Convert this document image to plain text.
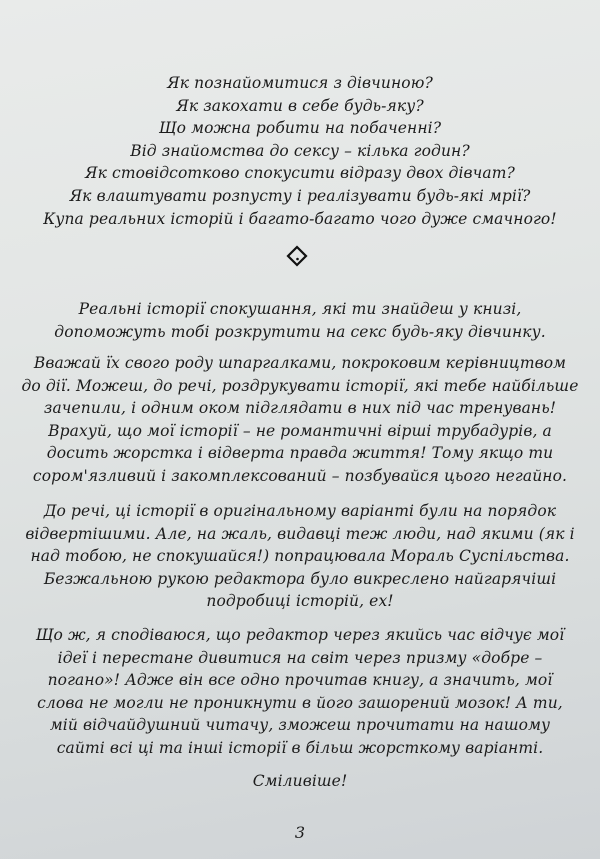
Як познайомитися з дівчиною?
Як закохати в себе будь-яку?
Що можна робити на побаченні?
Від знайомства до сексу – кілька годин?
Як стовідсотково спокусити відразу двох дівчат?
Як влаштувати розпусту і реалізувати будь-які мрії?
Купа реальних історій і багато-багато чого дуже смачного!
Реальні історії спокушання, які ти знайдеш у книзі,
допоможуть тобі розкрутити на секс будь-яку дівчинку.
Вважай їх свого роду шпаргалками, покроковим керівництвом
до дії. Можеш, до речі, роздрукувати історії, які тебе найбільше
зачепили, і одним оком підглядати в них під час тренувань!
Врахуй, що мої історії – не романтичні вірші трубадурів, а
досить жорстка і відверта правда життя! Тому якщо ти
сором'язливий і закомплексований – позбувайся цього негайно.
До речі, ці історії в оригінальному варіанті були на порядок
відвертішими. Але, на жаль, видавці теж люди, над якими (як і
над тобою, не спокушайся!) попрацювала Мораль Суспільства.
Безжальною рукою редактора було викреслено найгарячіші
подробиці історій, ех!
Що ж, я сподіваюся, що редактор через якийсь час відчує мої
ідеї і перестане дивитися на світ через призму «добре –
погано»! Адже він все одно прочитав книгу, а значить, мої
слова не могли не проникнути в його зашорений мозок! А ти,
мій відчайдушний читачу, зможеш прочитати на нашому
сайті всі ці та інші історії в більш жорсткому варіанті.
Сміливіше!
3
